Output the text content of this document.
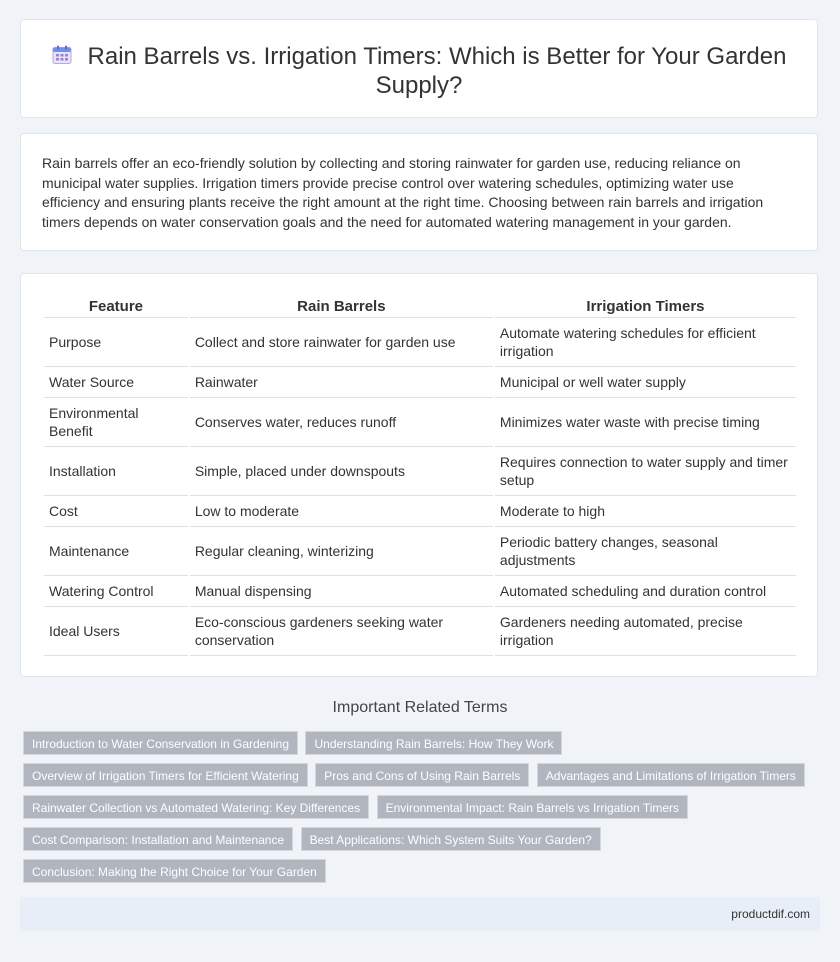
Rain Barrels vs. Irrigation Timers: Which is Better for Your Garden Supply?

Rain barrels offer an eco-friendly solution by collecting and storing rainwater for garden use, reducing reliance on municipal water supplies. Irrigation timers provide precise control over watering schedules, optimizing water use efficiency and ensuring plants receive the right amount at the right time. Choosing between rain barrels and irrigation timers depends on water conservation goals and the need for automated watering management in your garden.

Feature	Rain Barrels	Irrigation Timers
Purpose	Collect and store rainwater for garden use	Automate watering schedules for efficient irrigation
Water Source	Rainwater	Municipal or well water supply
Environmental Benefit	Conserves water, reduces runoff	Minimizes water waste with precise timing
Installation	Simple, placed under downspouts	Requires connection to water supply and timer setup
Cost	Low to moderate	Moderate to high
Maintenance	Regular cleaning, winterizing	Periodic battery changes, seasonal adjustments
Watering Control	Manual dispensing	Automated scheduling and duration control
Ideal Users	Eco-conscious gardeners seeking water conservation	Gardeners needing automated, precise irrigation
Important Related Terms
Introduction to Water Conservation in Gardening Understanding Rain Barrels: How They Work
Overview of Irrigation Timers for Efficient Watering Pros and Cons of Using Rain Barrels Advantages and Limitations of Irrigation Timers
Rainwater Collection vs Automated Watering: Key Differences Environmental Impact: Rain Barrels vs Irrigation Timers
Cost Comparison: Installation and Maintenance Best Applications: Which System Suits Your Garden?
Conclusion: Making the Right Choice for Your Garden
productdif.com
